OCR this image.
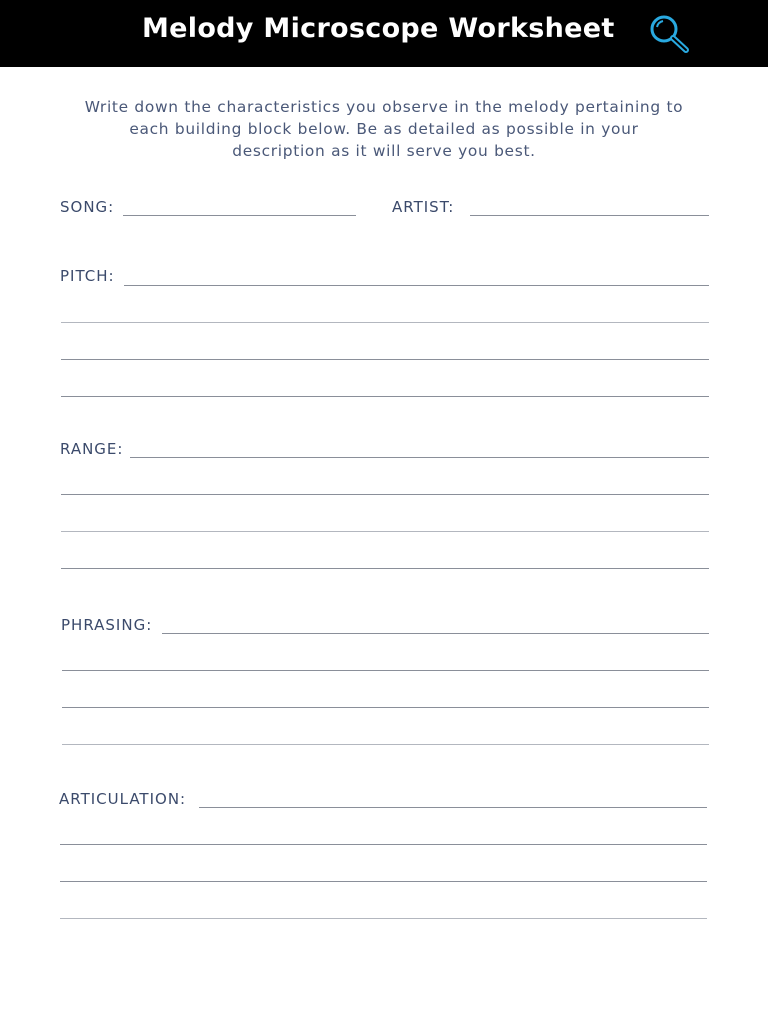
Melody Microscope Worksheet
Write down the characteristics you observe in the melody pertaining to each building block below. Be as detailed as possible in your description as it will serve you best.
SONG:	ARTIST:
PITCH:
RANGE:
PHRASING:
ARTICULATION:
